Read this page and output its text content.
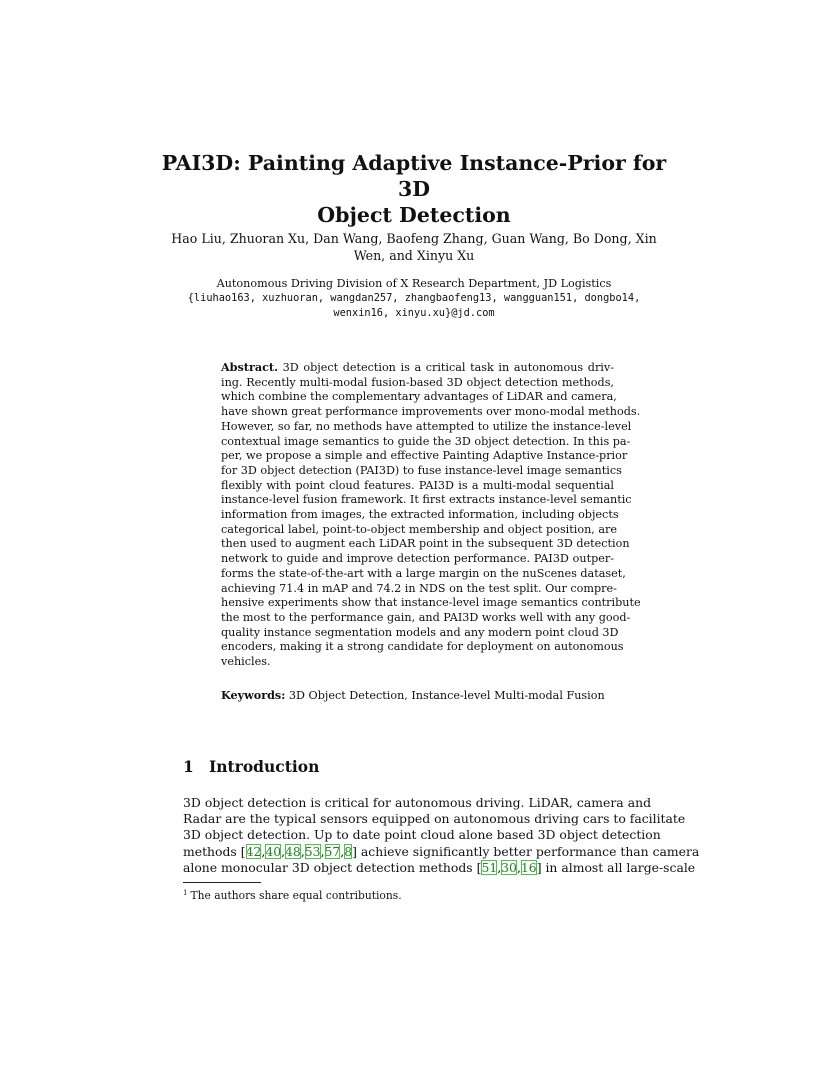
PAI3D: Painting Adaptive Instance-Prior for 3D
Object Detection
Hao Liu, Zhuoran Xu, Dan Wang, Baofeng Zhang, Guan Wang, Bo Dong, Xin
Wen, and Xinyu Xu
Autonomous Driving Division of X Research Department, JD Logistics
{liuhao163, xuzhuoran, wangdan257, zhangbaofeng13, wangguan151, dongbo14,
wenxin16, xinyu.xu}@jd.com
Abstract. 3D object detection is a critical task in autonomous driv-
ing. Recently multi-modal fusion-based 3D object detection methods,
which combine the complementary advantages of LiDAR and camera,
have shown great performance improvements over mono-modal methods.
However, so far, no methods have attempted to utilize the instance-level
contextual image semantics to guide the 3D object detection. In this pa-
per, we propose a simple and effective Painting Adaptive Instance-prior
for 3D object detection (PAI3D) to fuse instance-level image semantics
flexibly with point cloud features. PAI3D is a multi-modal sequential
instance-level fusion framework. It first extracts instance-level semantic
information from images, the extracted information, including objects
categorical label, point-to-object membership and object position, are
then used to augment each LiDAR point in the subsequent 3D detection
network to guide and improve detection performance. PAI3D outper-
forms the state-of-the-art with a large margin on the nuScenes dataset,
achieving 71.4 in mAP and 74.2 in NDS on the test split. Our compre-
hensive experiments show that instance-level image semantics contribute
the most to the performance gain, and PAI3D works well with any good-
quality instance segmentation models and any modern point cloud 3D
encoders, making it a strong candidate for deployment on autonomous
vehicles.
Keywords: 3D Object Detection, Instance-level Multi-modal Fusion
1 Introduction
3D object detection is critical for autonomous driving. LiDAR, camera and
Radar are the typical sensors equipped on autonomous driving cars to facilitate
3D object detection. Up to date point cloud alone based 3D object detection
methods [42,40,48,53,57,8] achieve significantly better performance than camera
alone monocular 3D object detection methods [51,30,16] in almost all large-scale
$^1$ The authors share equal contributions.
